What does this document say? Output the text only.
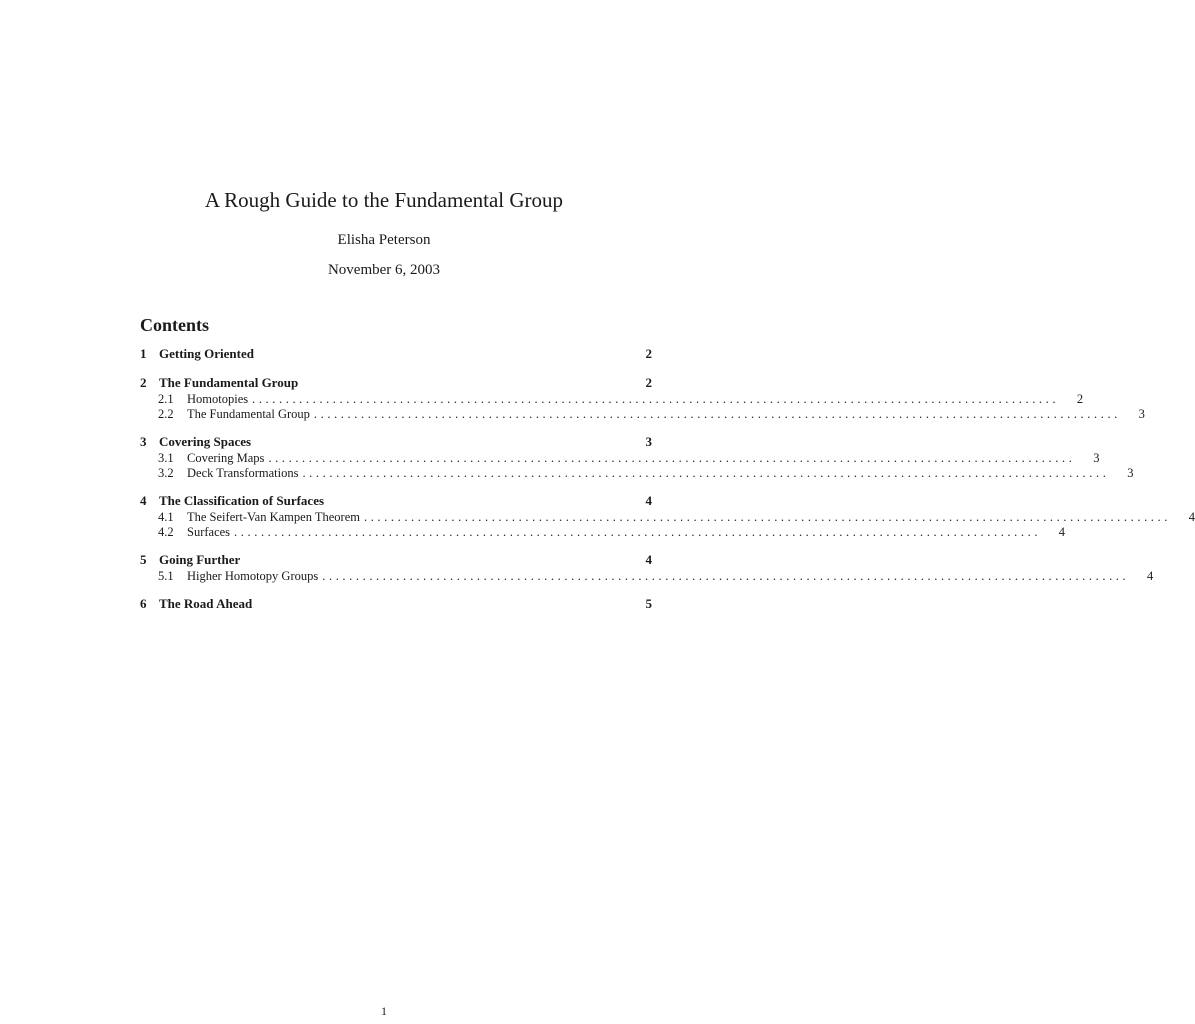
A Rough Guide to the Fundamental Group
Elisha Peterson
November 6, 2003
Contents
1 Getting Oriented	2
2 The Fundamental Group	2
2.1	Homotopies ........................................................................................................................	2
2.2	The Fundamental Group ........................................................................................................................	3
3 Covering Spaces	3
3.1	Covering Maps ........................................................................................................................	3
3.2	Deck Transformations ........................................................................................................................	3
4 The Classification of Surfaces	4
4.1	The Seifert-Van Kampen Theorem ........................................................................................................................	4
4.2	Surfaces ........................................................................................................................	4
5 Going Further	4
5.1	Higher Homotopy Groups ........................................................................................................................	4
6 The Road Ahead	5
1
